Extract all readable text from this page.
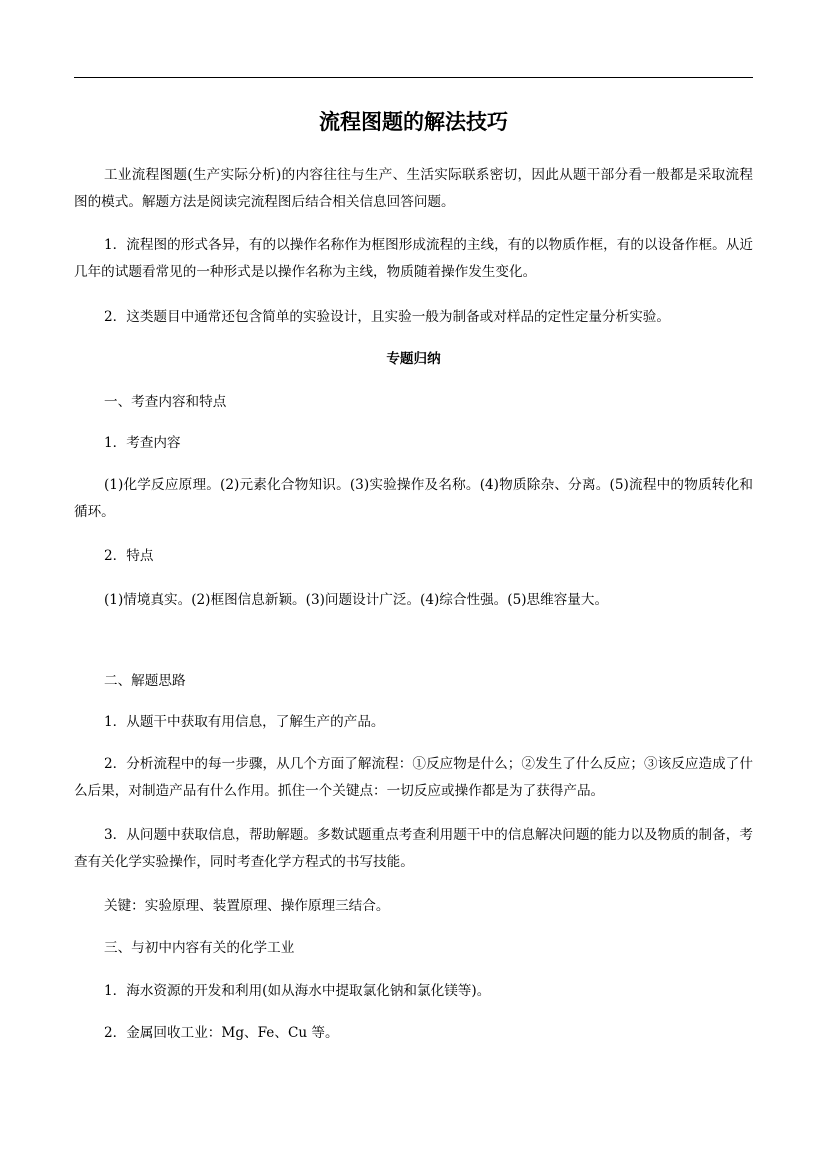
流程图题的解法技巧

工业流程图题(生产实际分析)的内容往往与生产、生活实际联系密切，因此从题干部分看一般都是采取流程图的模式。解题方法是阅读完流程图后结合相关信息回答问题。

1．流程图的形式各异，有的以操作名称作为框图形成流程的主线，有的以物质作框，有的以设备作框。从近几年的试题看常见的一种形式是以操作名称为主线，物质随着操作发生变化。

2．这类题目中通常还包含简单的实验设计，且实验一般为制备或对样品的定性定量分析实验。

专题归纳

一、考查内容和特点

1．考查内容

(1)化学反应原理。(2)元素化合物知识。(3)实验操作及名称。(4)物质除杂、分离。(5)流程中的物质转化和循环。

2．特点

(1)情境真实。(2)框图信息新颖。(3)问题设计广泛。(4)综合性强。(5)思维容量大。

二、解题思路

1．从题干中获取有用信息，了解生产的产品。

2．分析流程中的每一步骤，从几个方面了解流程：①反应物是什么；②发生了什么反应；③该反应造成了什么后果，对制造产品有什么作用。抓住一个关键点：一切反应或操作都是为了获得产品。

3．从问题中获取信息，帮助解题。多数试题重点考查利用题干中的信息解决问题的能力以及物质的制备，考查有关化学实验操作，同时考查化学方程式的书写技能。

关键：实验原理、装置原理、操作原理三结合。

三、与初中内容有关的化学工业

1．海水资源的开发和利用(如从海水中提取氯化钠和氯化镁等)。

2．金属回收工业：Mg、Fe、Cu 等。
